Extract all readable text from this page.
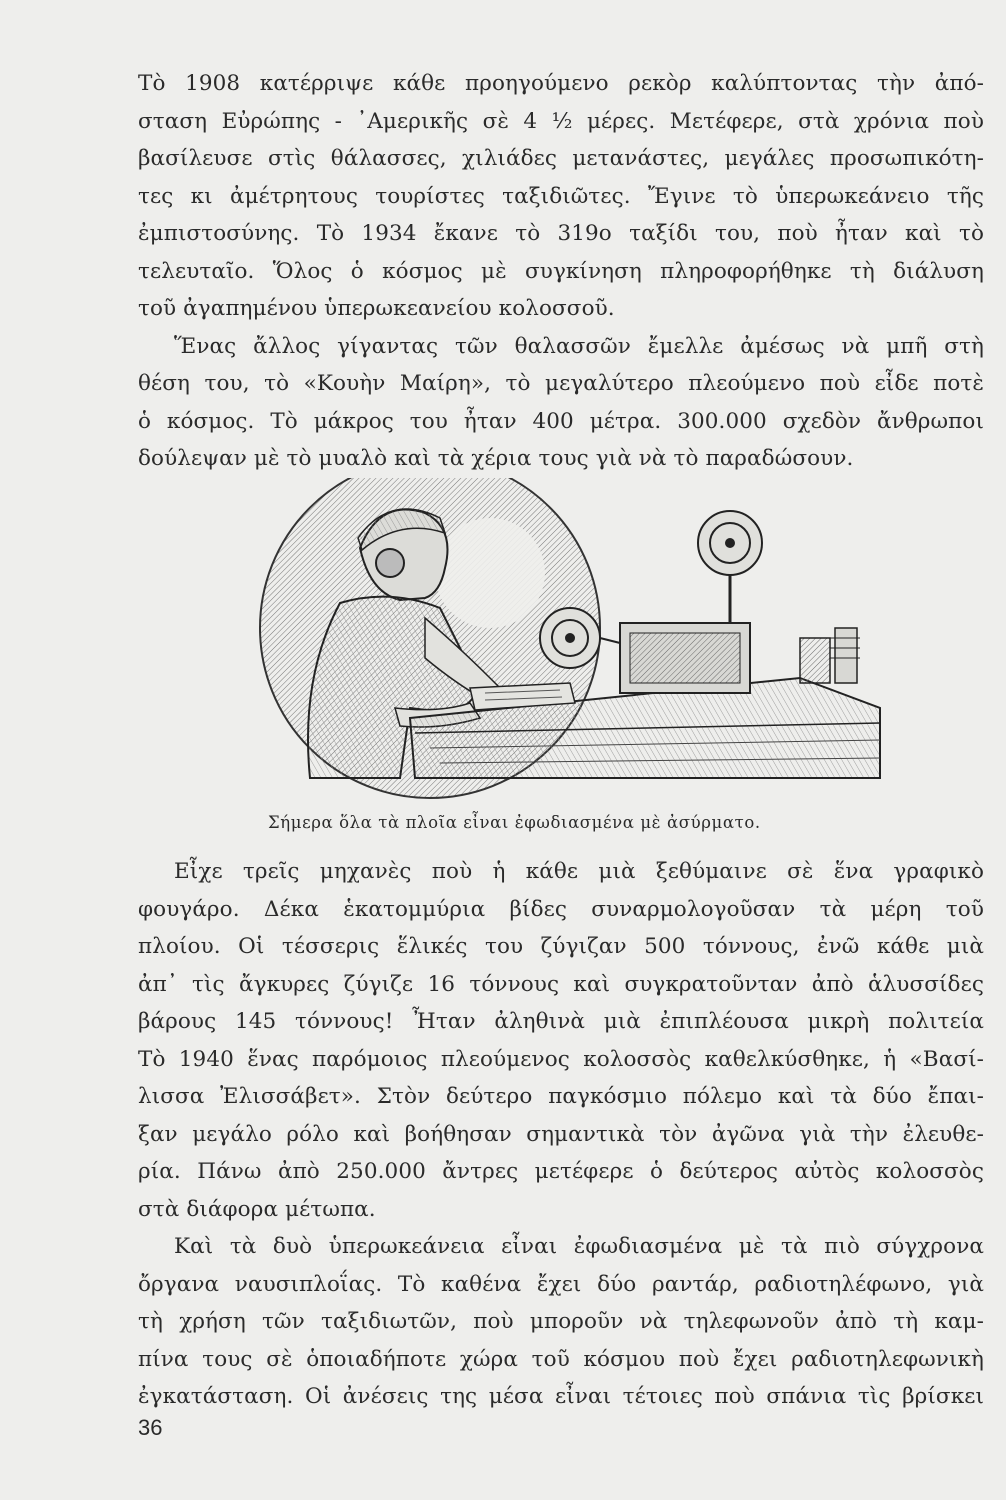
Τὸ 1908 κατέρριψε κάθε προηγούμενο ρεκὸρ καλύπτοντας τὴν ἀπό-
σταση Εὐρώπης - ᾿Αμερικῆς σὲ 4 ½ μέρες. Μετέφερε, στὰ χρόνια ποὺ
βασίλευσε στὶς θάλασσες, χιλιάδες μετανάστες, μεγάλες προσωπικότη-
τες κι ἀμέτρητους τουρίστες ταξιδιῶτες. Ἔγινε τὸ ὑπερωκεάνειο τῆς
ἐμπιστοσύνης. Τὸ 1934 ἔκανε τὸ 319ο ταξίδι του, ποὺ ἦταν καὶ τὸ
τελευταῖο. Ὅλος ὁ κόσμος μὲ συγκίνηση πληροφορήθηκε τὴ διάλυση
τοῦ ἀγαπημένου ὑπερωκεανείου κολοσσοῦ.

Ἕνας ἄλλος γίγαντας τῶν θαλασσῶν ἔμελλε ἀμέσως νὰ μπῆ στὴ
θέση του, τὸ «Κουὴν Μαίρη», τὸ μεγαλύτερο πλεούμενο ποὺ εἶδε ποτὲ
ὁ κόσμος. Τὸ μάκρος του ἦταν 400 μέτρα. 300.000 σχεδὸν ἄνθρωποι
δούλεψαν μὲ τὸ μυαλὸ καὶ τὰ χέρια τους γιὰ νὰ τὸ παραδώσουν.

Σήμερα ὅλα τὰ πλοῖα εἶναι ἐφωδιασμένα μὲ ἀσύρματο.

Εἶχε τρεῖς μηχανὲς ποὺ ἡ κάθε μιὰ ξεθύμαινε σὲ ἕνα γραφικὸ
φουγάρο. Δέκα ἑκατομμύρια βίδες συναρμολογοῦσαν τὰ μέρη τοῦ
πλοίου. Οἱ τέσσερις ἕλικές του ζύγιζαν 500 τόννους, ἐνῶ κάθε μιὰ
ἀπ᾿ τὶς ἄγκυρες ζύγιζε 16 τόννους καὶ συγκρατοῦνταν ἀπὸ ἁλυσσίδες
βάρους 145 τόννους! Ἦταν ἀληθινὰ μιὰ ἐπιπλέουσα μικρὴ πολιτεία
Τὸ 1940 ἕνας παρόμοιος πλεούμενος κολοσσὸς καθελκύσθηκε, ἡ «Βασί-
λισσα Ἐλισσάβετ». Στὸν δεύτερο παγκόσμιο πόλεμο καὶ τὰ δύο ἔπαι-
ξαν μεγάλο ρόλο καὶ βοήθησαν σημαντικὰ τὸν ἀγῶνα γιὰ τὴν ἐλευθε-
ρία. Πάνω ἀπὸ 250.000 ἄντρες μετέφερε ὁ δεύτερος αὐτὸς κολοσσὸς
στὰ διάφορα μέτωπα.

Καὶ τὰ δυὸ ὑπερωκεάνεια εἶναι ἐφωδιασμένα μὲ τὰ πιὸ σύγχρονα
ὄργανα ναυσιπλοΐας. Τὸ καθένα ἔχει δύο ραντάρ, ραδιοτηλέφωνο, γιὰ
τὴ χρήση τῶν ταξιδιωτῶν, ποὺ μποροῦν νὰ τηλεφωνοῦν ἀπὸ τὴ καμ-
πίνα τους σὲ ὁποιαδήποτε χώρα τοῦ κόσμου ποὺ ἔχει ραδιοτηλεφωνικὴ
ἐγκατάσταση. Οἱ ἀνέσεις της μέσα εἶναι τέτοιες ποὺ σπάνια τὶς βρίσκει

36
